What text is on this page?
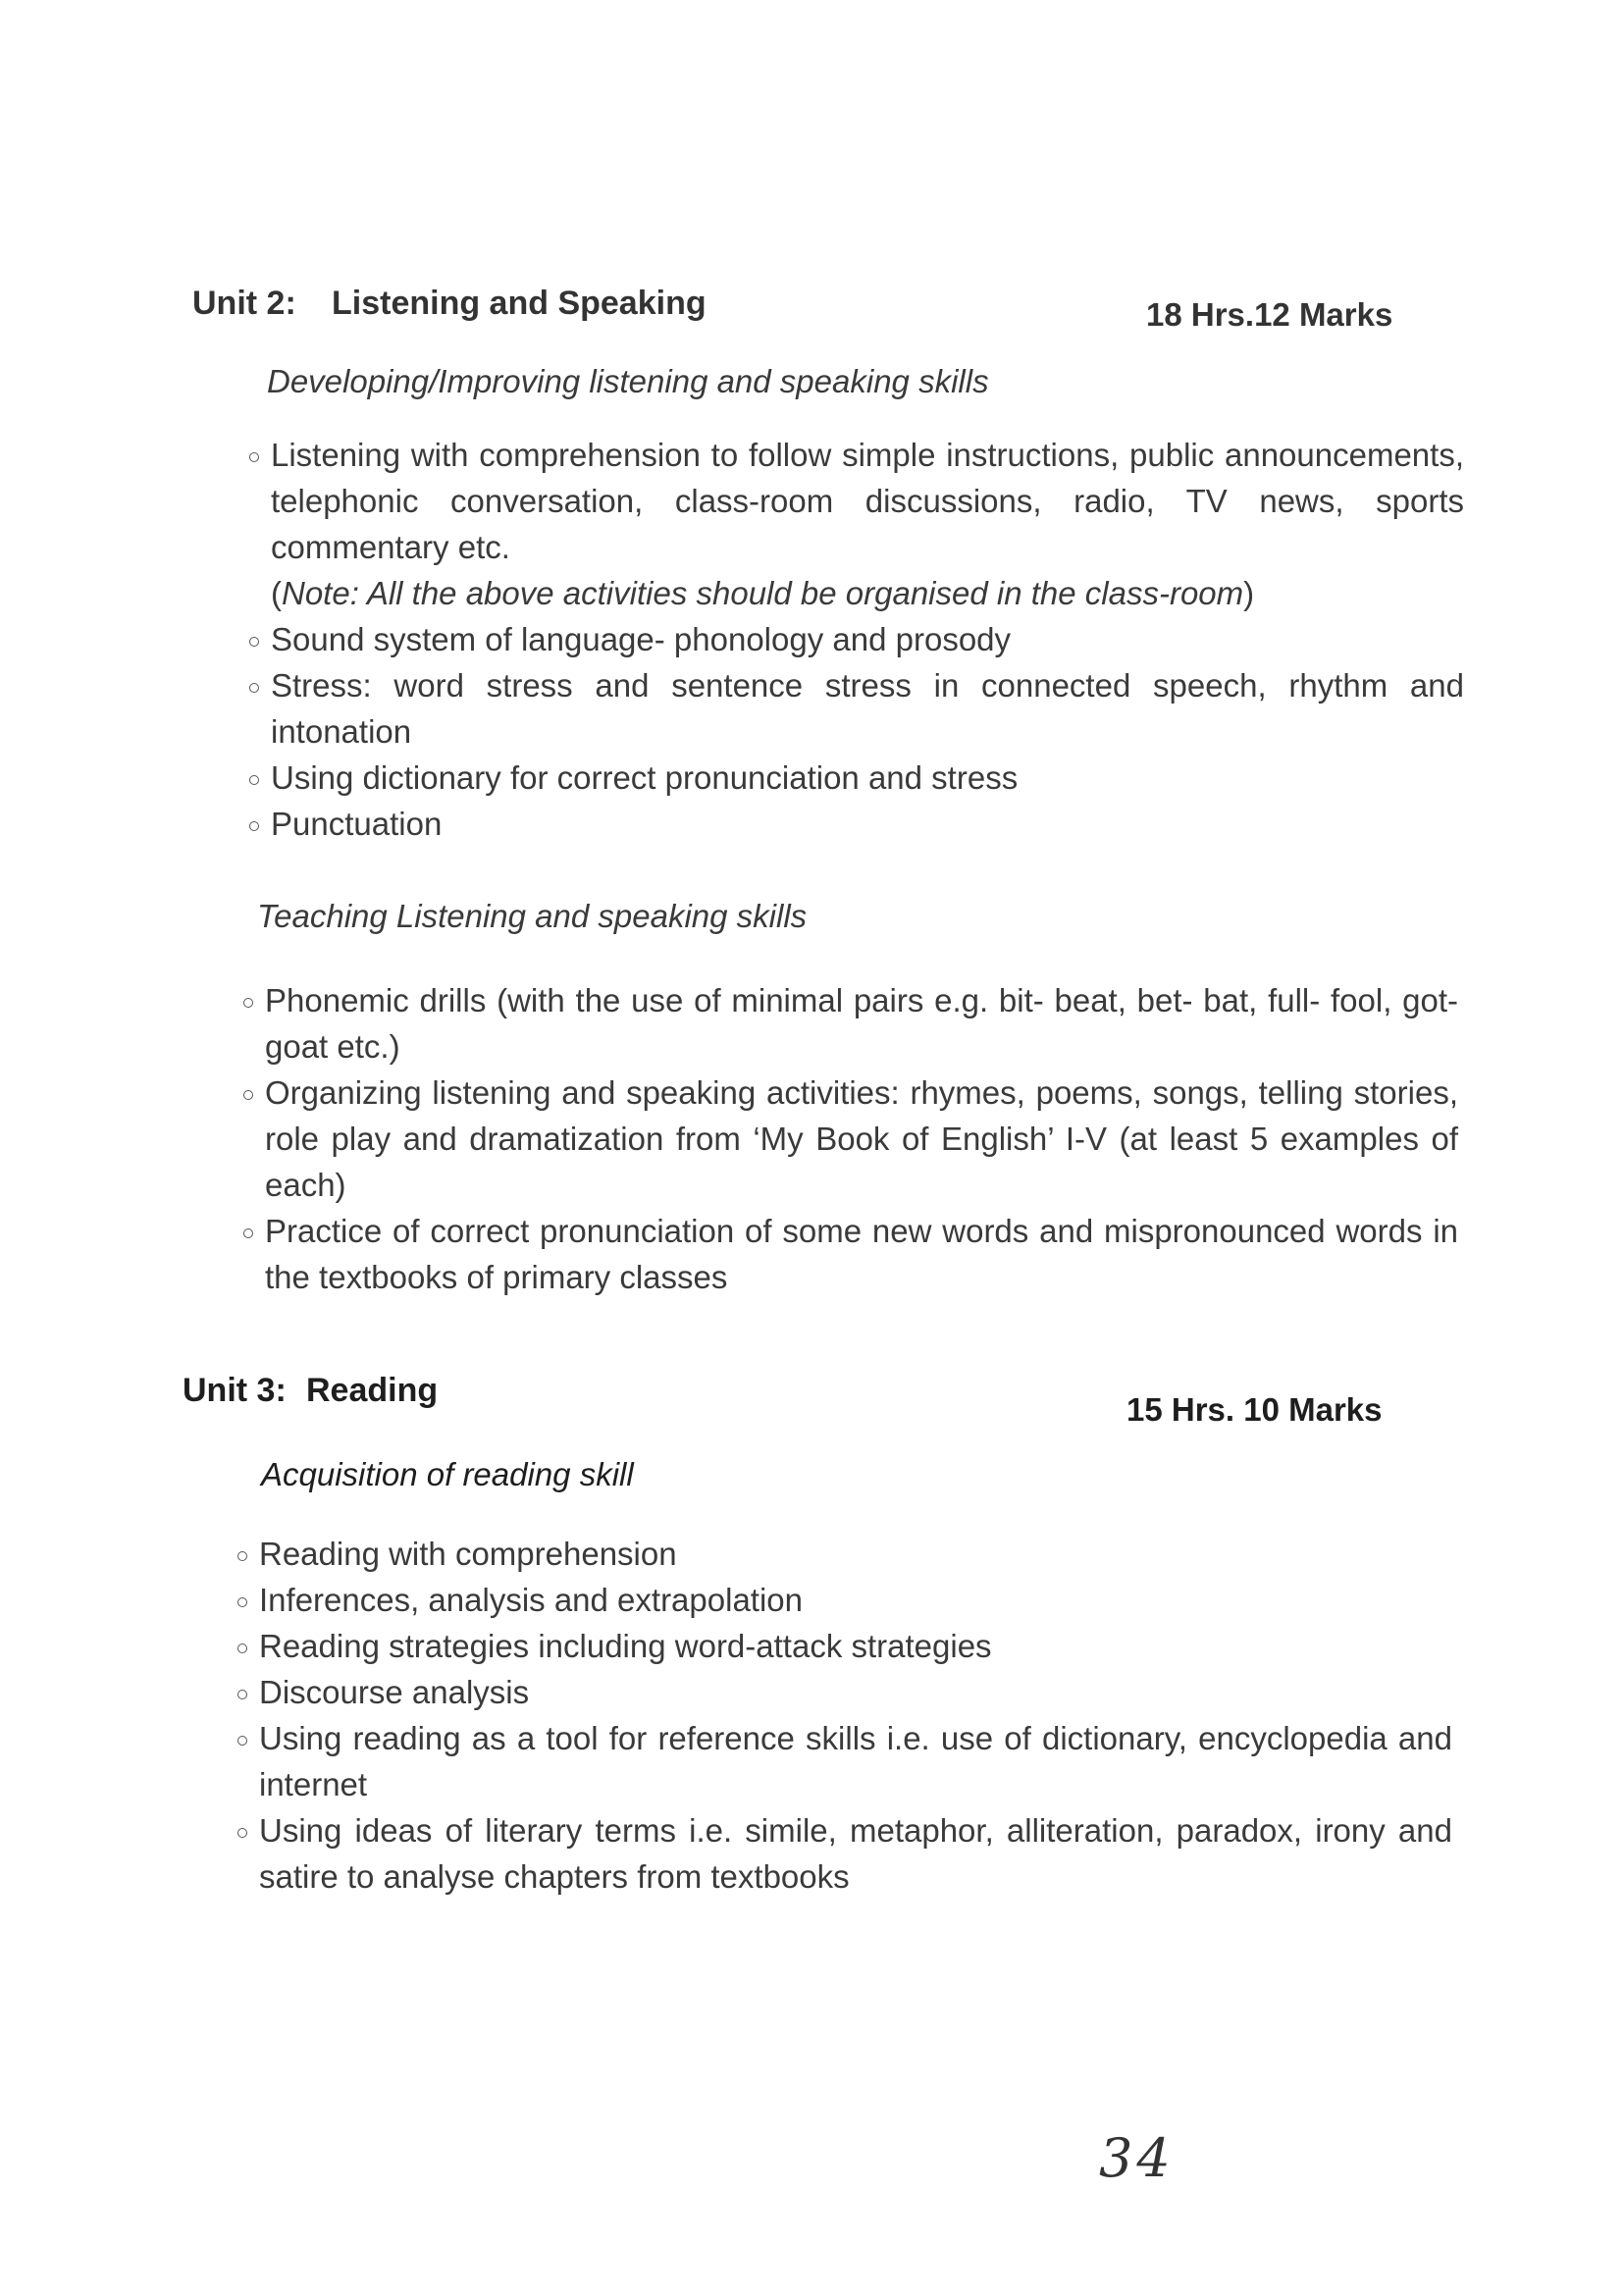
Unit 2: Listening and Speaking	18 Hrs.12 Marks
Developing/Improving listening and speaking skills
Listening with comprehension to follow simple instructions, public announcements, telephonic conversation, class-room discussions, radio, TV news, sports commentary etc.
(Note: All the above activities should be organised in the class-room)
Sound system of language- phonology and prosody
Stress: word stress and sentence stress in connected speech, rhythm and intonation
Using dictionary for correct pronunciation and stress
Punctuation
Teaching Listening and speaking skills
Phonemic drills (with the use of minimal pairs e.g. bit- beat, bet- bat, full- fool, got- goat etc.)
Organizing listening and speaking activities: rhymes, poems, songs, telling stories, role play and dramatization from ‘My Book of English’ I-V (at least 5 examples of each)
Practice of correct pronunciation of some new words and mispronounced words in the textbooks of primary classes
Unit 3: Reading
15 Hrs. 10 Marks
Acquisition of reading skill
Reading with comprehension
Inferences, analysis and extrapolation
Reading strategies including word-attack strategies
Discourse analysis
Using reading as a tool for reference skills i.e. use of dictionary, encyclopedia and internet
Using ideas of literary terms i.e. simile, metaphor, alliteration, paradox, irony and satire to analyse chapters from textbooks
34
